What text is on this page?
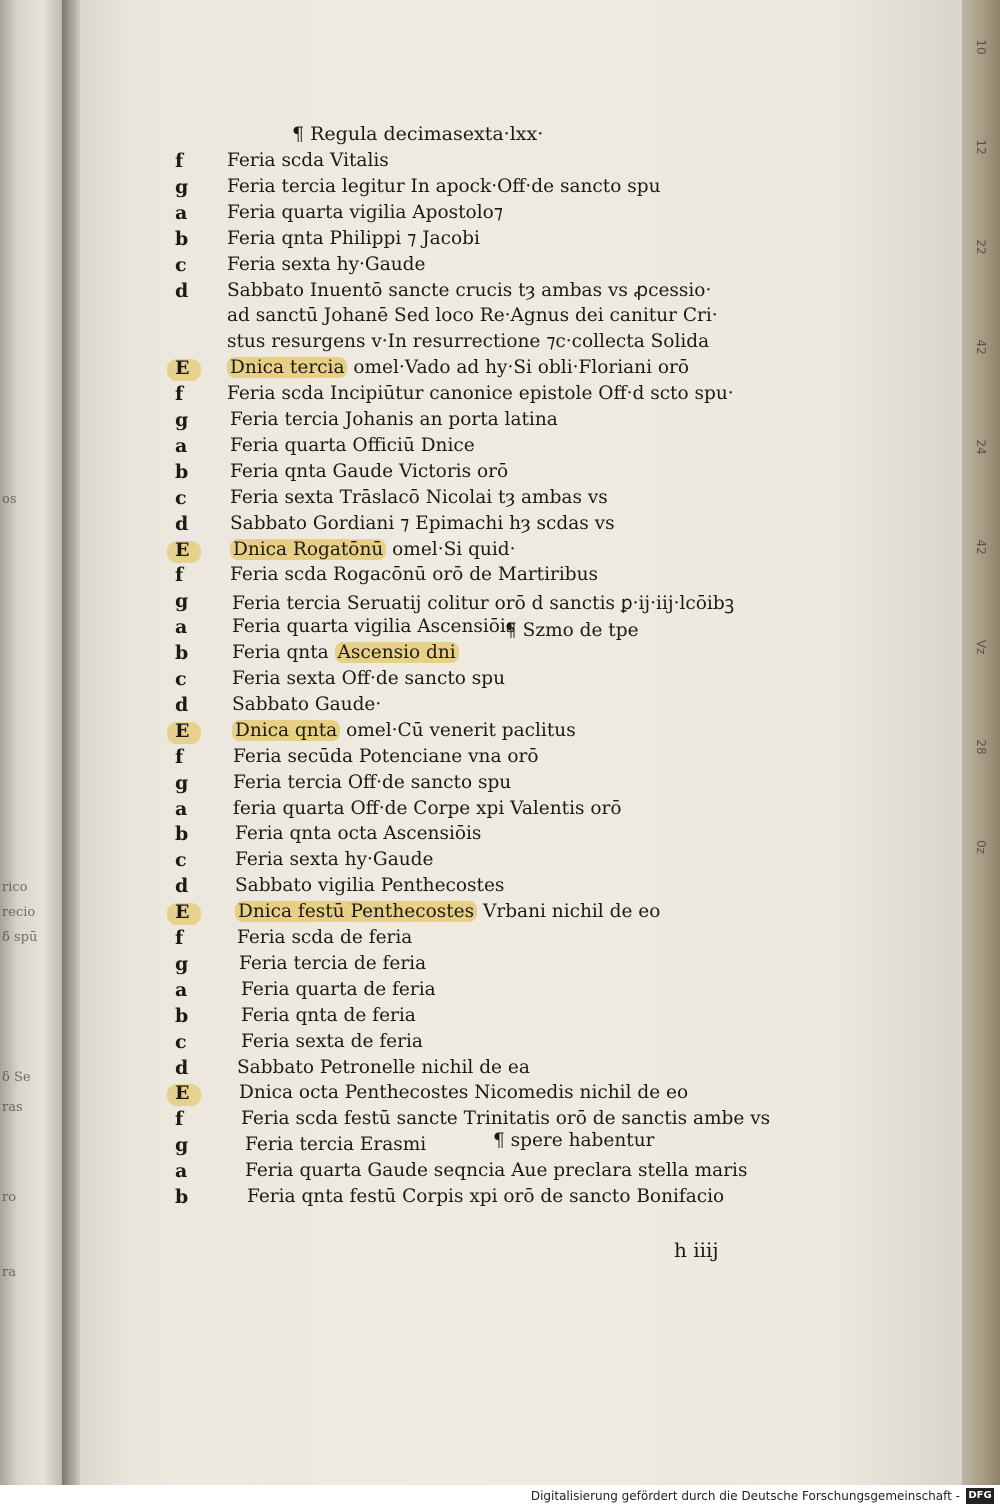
os
rico
recio
δ spū
δ Se
ras
ro
ra
¶ Regula decimasexta·lxx·
f	Feria scda Vitalis
g	Feria tercia legitur In apock·Off·de sancto spu
a	Feria quarta vigilia Apostolo⁊
b	Feria qnta Philippi ⁊ Jacobi
c	Feria sexta hy·Gaude
d	Sabbato Inuentō sancte crucis tȝ ambas vs ꝓcessio·
ad sanctū Johanē Sed loco Re·Agnus dei canitur Cri·
stus resurgens v·In resurrectione ⁊c·collecta Solida
E	Dnica tercia omel·Vado ad hy·Si obli·Floriani orō
f	Feria scda Incipiūtur canonice epistole Off·d scto spu·
g	Feria tercia Johanis an porta latina
a	Feria quarta Officiū Dnice
b	Feria qnta Gaude Victoris orō
c	Feria sexta Trāslacō Nicolai tȝ ambas vs
d	Sabbato Gordiani ⁊ Epimachi hȝ scdas vs
E	Dnica Rogatōnū omel·Si quid·
f	Feria scda Rogacōnū orō de Martiribus
g	Feria tercia Seruatij colitur orō d sanctis ꝑ·ij·iij·lcōibꝫ
a	Feria quarta vigilia Ascensiōis
b	Feria qnta Ascensio dni
c	Feria sexta Off·de sancto spu
d	Sabbato Gaude·
E	Dnica qnta omel·Cū venerit paclitus
f	Feria secūda Potenciane vna orō
g	Feria tercia Off·de sancto spu
a	feria quarta Off·de Corpe xpi Valentis orō
b	Feria qnta octa Ascensiōis
c	Feria sexta hy·Gaude
d	Sabbato vigilia Penthecostes
E	Dnica festū Penthecostes Vrbani nichil de eo
f	Feria scda de feria
g	Feria tercia de feria
a	Feria quarta de feria
b	Feria qnta de feria
c	Feria sexta de feria
d	Sabbato Petronelle nichil de ea
E	Dnica octa Penthecostes Nicomedis nichil de eo
f	Feria scda festū sancte Trinitatis orō de sanctis ambe vs
g	Feria tercia Erasmi
a	Feria quarta Gaude seqncia Aue preclara stella maris
b	Feria qnta festū Corpis xpi orō de sancto Bonifacio
¶ Szmo de tpe
¶ spere habentur
h iiij
10
12
22
42
24
42
Vz
28
0z
Digitalisierung gefördert durch die Deutsche Forschungsgemeinschaft - DFG
